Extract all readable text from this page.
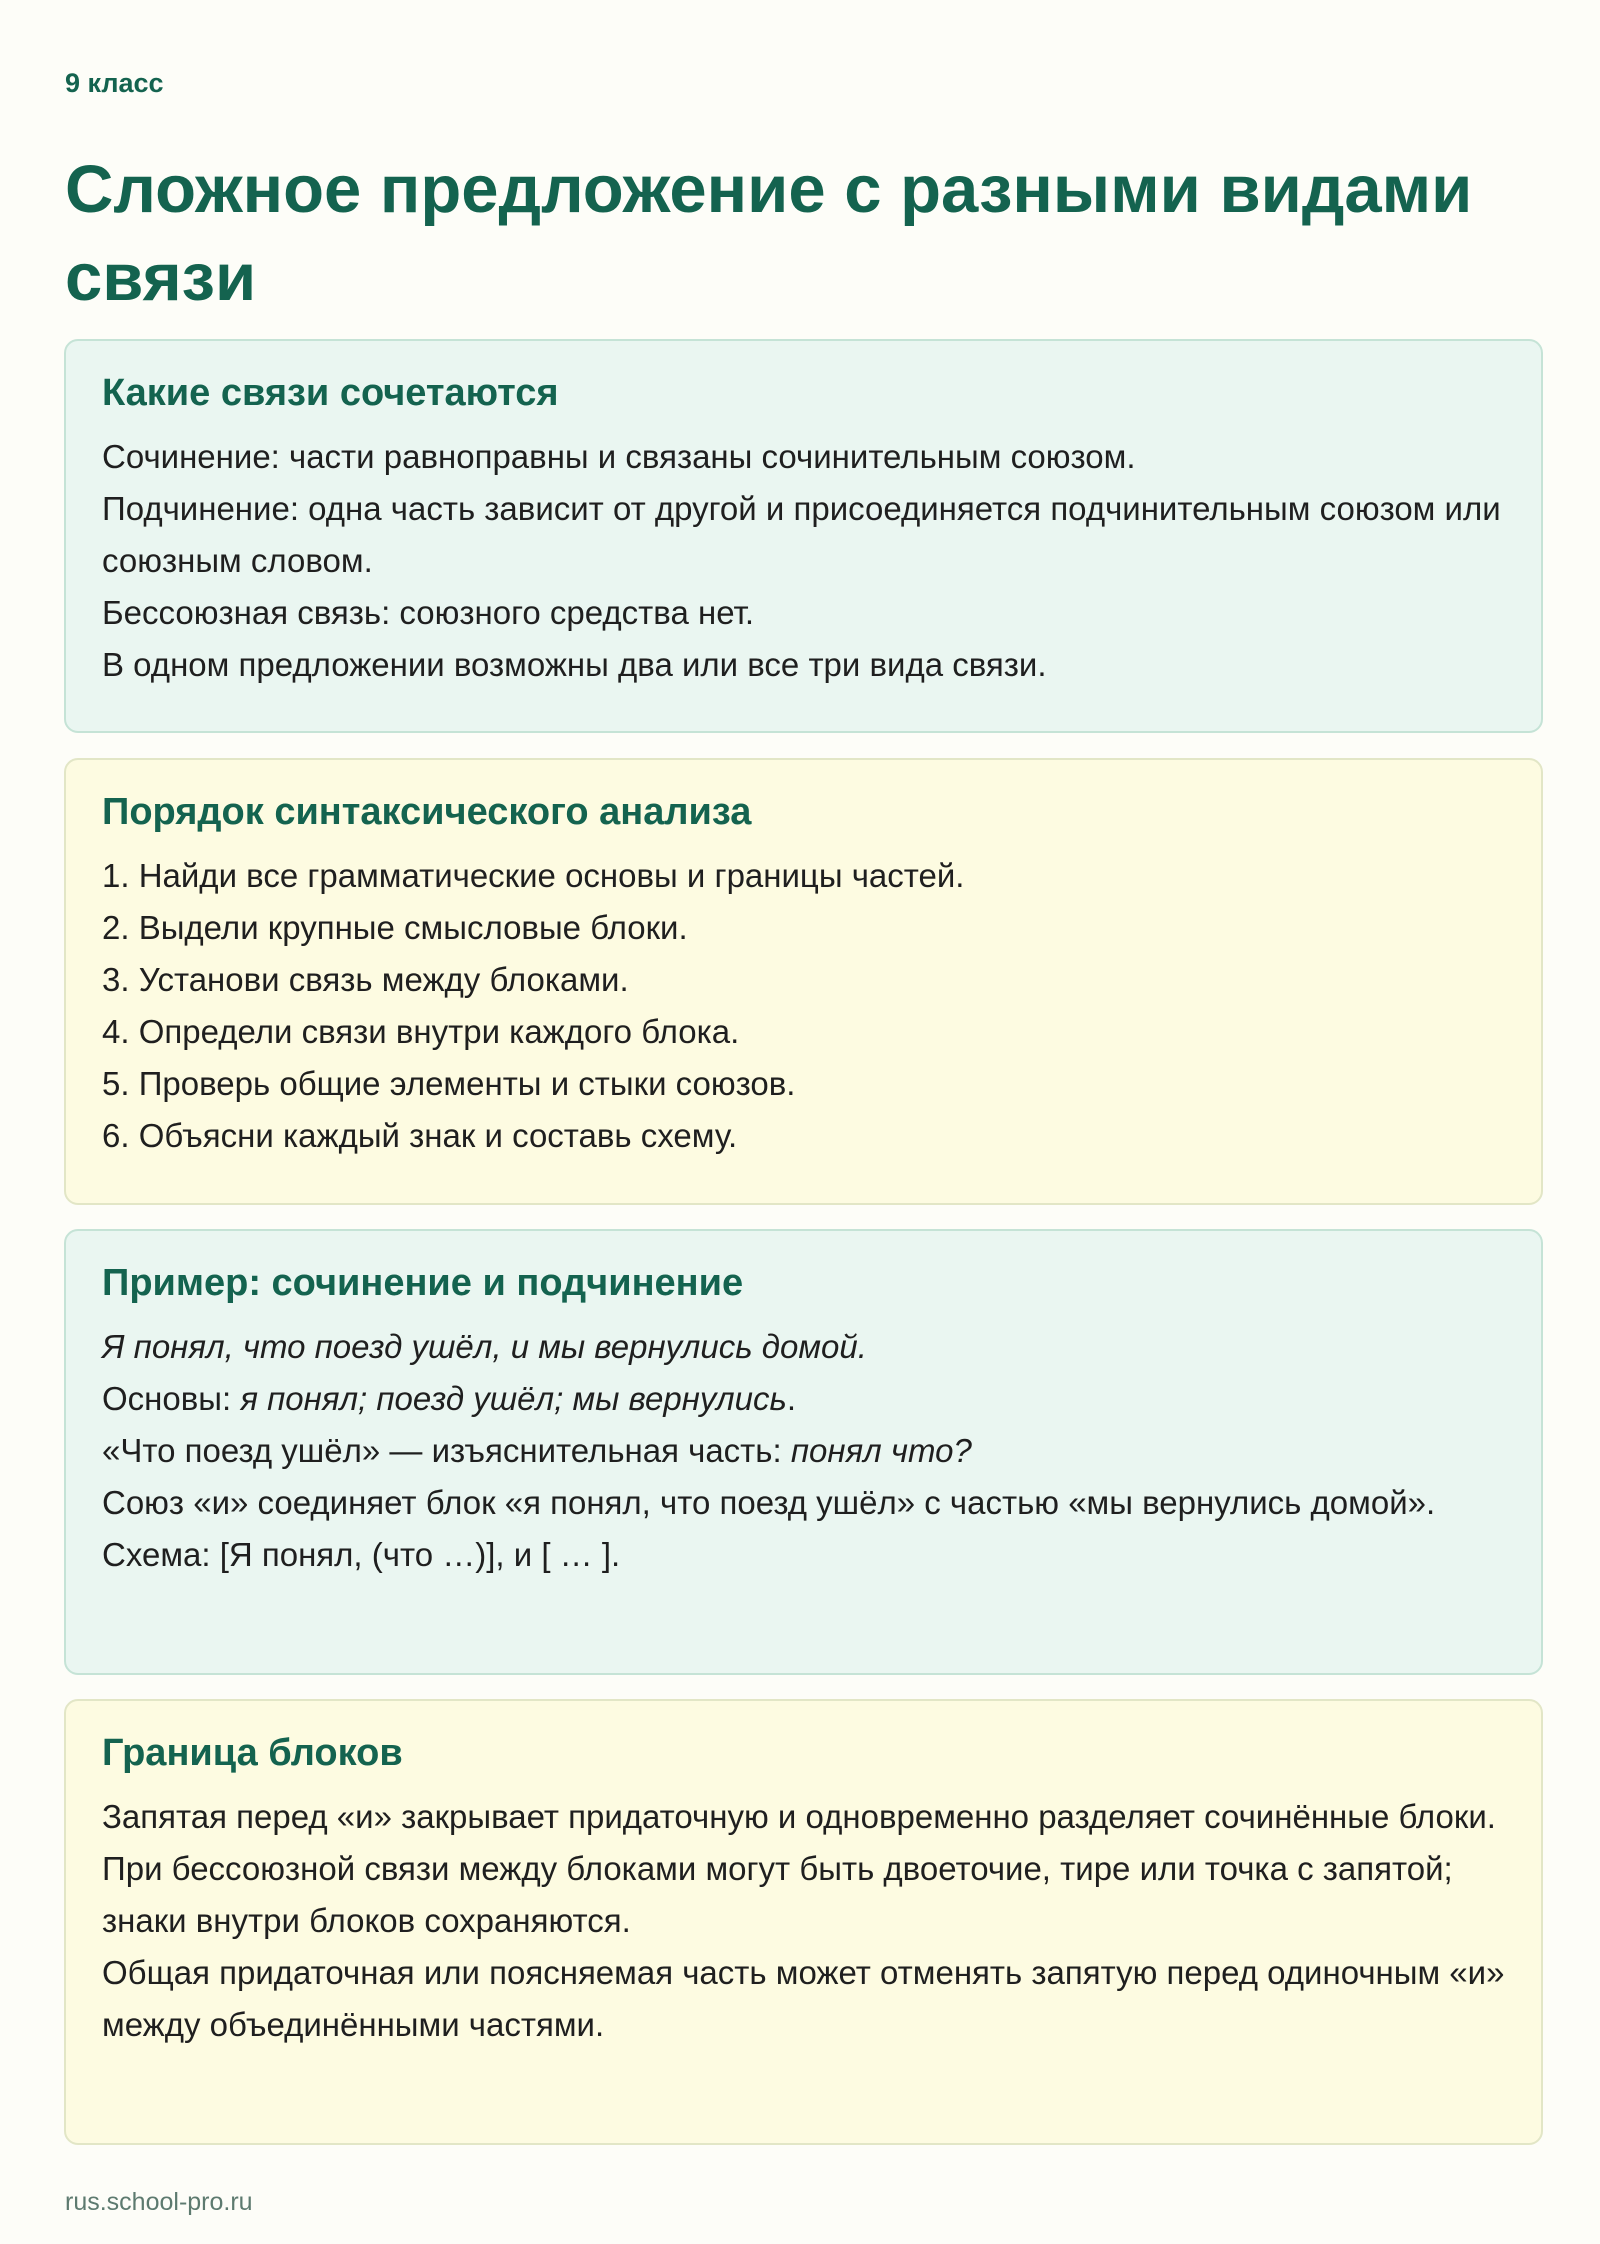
9 класс
Сложное предложение с разными видами связи
Какие связи сочетаются

Сочинение: части равноправны и связаны сочинительным союзом.

Подчинение: одна часть зависит от другой и присоединяется подчинительным союзом или союзным словом.

Бессоюзная связь: союзного средства нет.

В одном предложении возможны два или все три вида связи.

Порядок синтаксического анализа

1. Найди все грамматические основы и границы частей.

2. Выдели крупные смысловые блоки.

3. Установи связь между блоками.

4. Определи связи внутри каждого блока.

5. Проверь общие элементы и стыки союзов.

6. Объясни каждый знак и составь схему.

Пример: сочинение и подчинение

Я понял, что поезд ушёл, и мы вернулись домой.

Основы: я понял; поезд ушёл; мы вернулись.

«Что поезд ушёл» — изъяснительная часть: понял что?

Союз «и» соединяет блок «я понял, что поезд ушёл» с частью «мы вернулись домой».

Схема: [Я понял, (что …)], и [ … ].

Граница блоков

Запятая перед «и» закрывает придаточную и одновременно разделяет сочинённые блоки.

При бессоюзной связи между блоками могут быть двоеточие, тире или точка с запятой; знаки внутри блоков сохраняются.

Общая придаточная или поясняемая часть может отменять запятую перед одиночным «и» между объединёнными частями.

rus.school-pro.ru
